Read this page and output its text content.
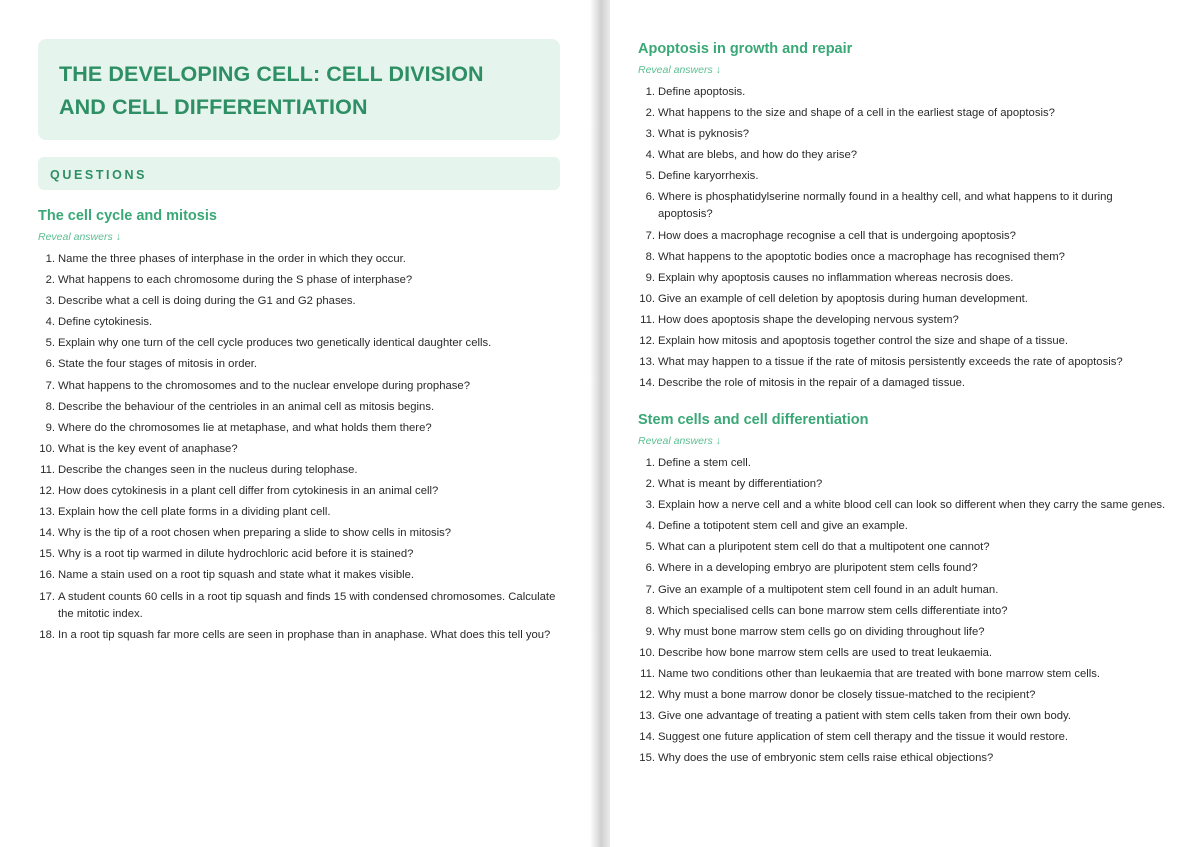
THE DEVELOPING CELL: CELL DIVISION
AND CELL DIFFERENTIATION
QUESTIONS
The cell cycle and mitosis
Reveal answers ↓
1. Name the three phases of interphase in the order in which they occur.
2. What happens to each chromosome during the S phase of interphase?
3. Describe what a cell is doing during the G1 and G2 phases.
4. Define cytokinesis.
5. Explain why one turn of the cell cycle produces two genetically identical daughter cells.
6. State the four stages of mitosis in order.
7. What happens to the chromosomes and to the nuclear envelope during prophase?
8. Describe the behaviour of the centrioles in an animal cell as mitosis begins.
9. Where do the chromosomes lie at metaphase, and what holds them there?
10. What is the key event of anaphase?
11. Describe the changes seen in the nucleus during telophase.
12. How does cytokinesis in a plant cell differ from cytokinesis in an animal cell?
13. Explain how the cell plate forms in a dividing plant cell.
14. Why is the tip of a root chosen when preparing a slide to show cells in mitosis?
15. Why is a root tip warmed in dilute hydrochloric acid before it is stained?
16. Name a stain used on a root tip squash and state what it makes visible.
17. A student counts 60 cells in a root tip squash and finds 15 with condensed chromosomes. Calculate the mitotic index.
18. In a root tip squash far more cells are seen in prophase than in anaphase. What does this tell you?
Apoptosis in growth and repair
Reveal answers ↓
1. Define apoptosis.
2. What happens to the size and shape of a cell in the earliest stage of apoptosis?
3. What is pyknosis?
4. What are blebs, and how do they arise?
5. Define karyorrhexis.
6. Where is phosphatidylserine normally found in a healthy cell, and what happens to it during apoptosis?
7. How does a macrophage recognise a cell that is undergoing apoptosis?
8. What happens to the apoptotic bodies once a macrophage has recognised them?
9. Explain why apoptosis causes no inflammation whereas necrosis does.
10. Give an example of cell deletion by apoptosis during human development.
11. How does apoptosis shape the developing nervous system?
12. Explain how mitosis and apoptosis together control the size and shape of a tissue.
13. What may happen to a tissue if the rate of mitosis persistently exceeds the rate of apoptosis?
14. Describe the role of mitosis in the repair of a damaged tissue.
Stem cells and cell differentiation
Reveal answers ↓
1. Define a stem cell.
2. What is meant by differentiation?
3. Explain how a nerve cell and a white blood cell can look so different when they carry the same genes.
4. Define a totipotent stem cell and give an example.
5. What can a pluripotent stem cell do that a multipotent one cannot?
6. Where in a developing embryo are pluripotent stem cells found?
7. Give an example of a multipotent stem cell found in an adult human.
8. Which specialised cells can bone marrow stem cells differentiate into?
9. Why must bone marrow stem cells go on dividing throughout life?
10. Describe how bone marrow stem cells are used to treat leukaemia.
11. Name two conditions other than leukaemia that are treated with bone marrow stem cells.
12. Why must a bone marrow donor be closely tissue-matched to the recipient?
13. Give one advantage of treating a patient with stem cells taken from their own body.
14. Suggest one future application of stem cell therapy and the tissue it would restore.
15. Why does the use of embryonic stem cells raise ethical objections?
